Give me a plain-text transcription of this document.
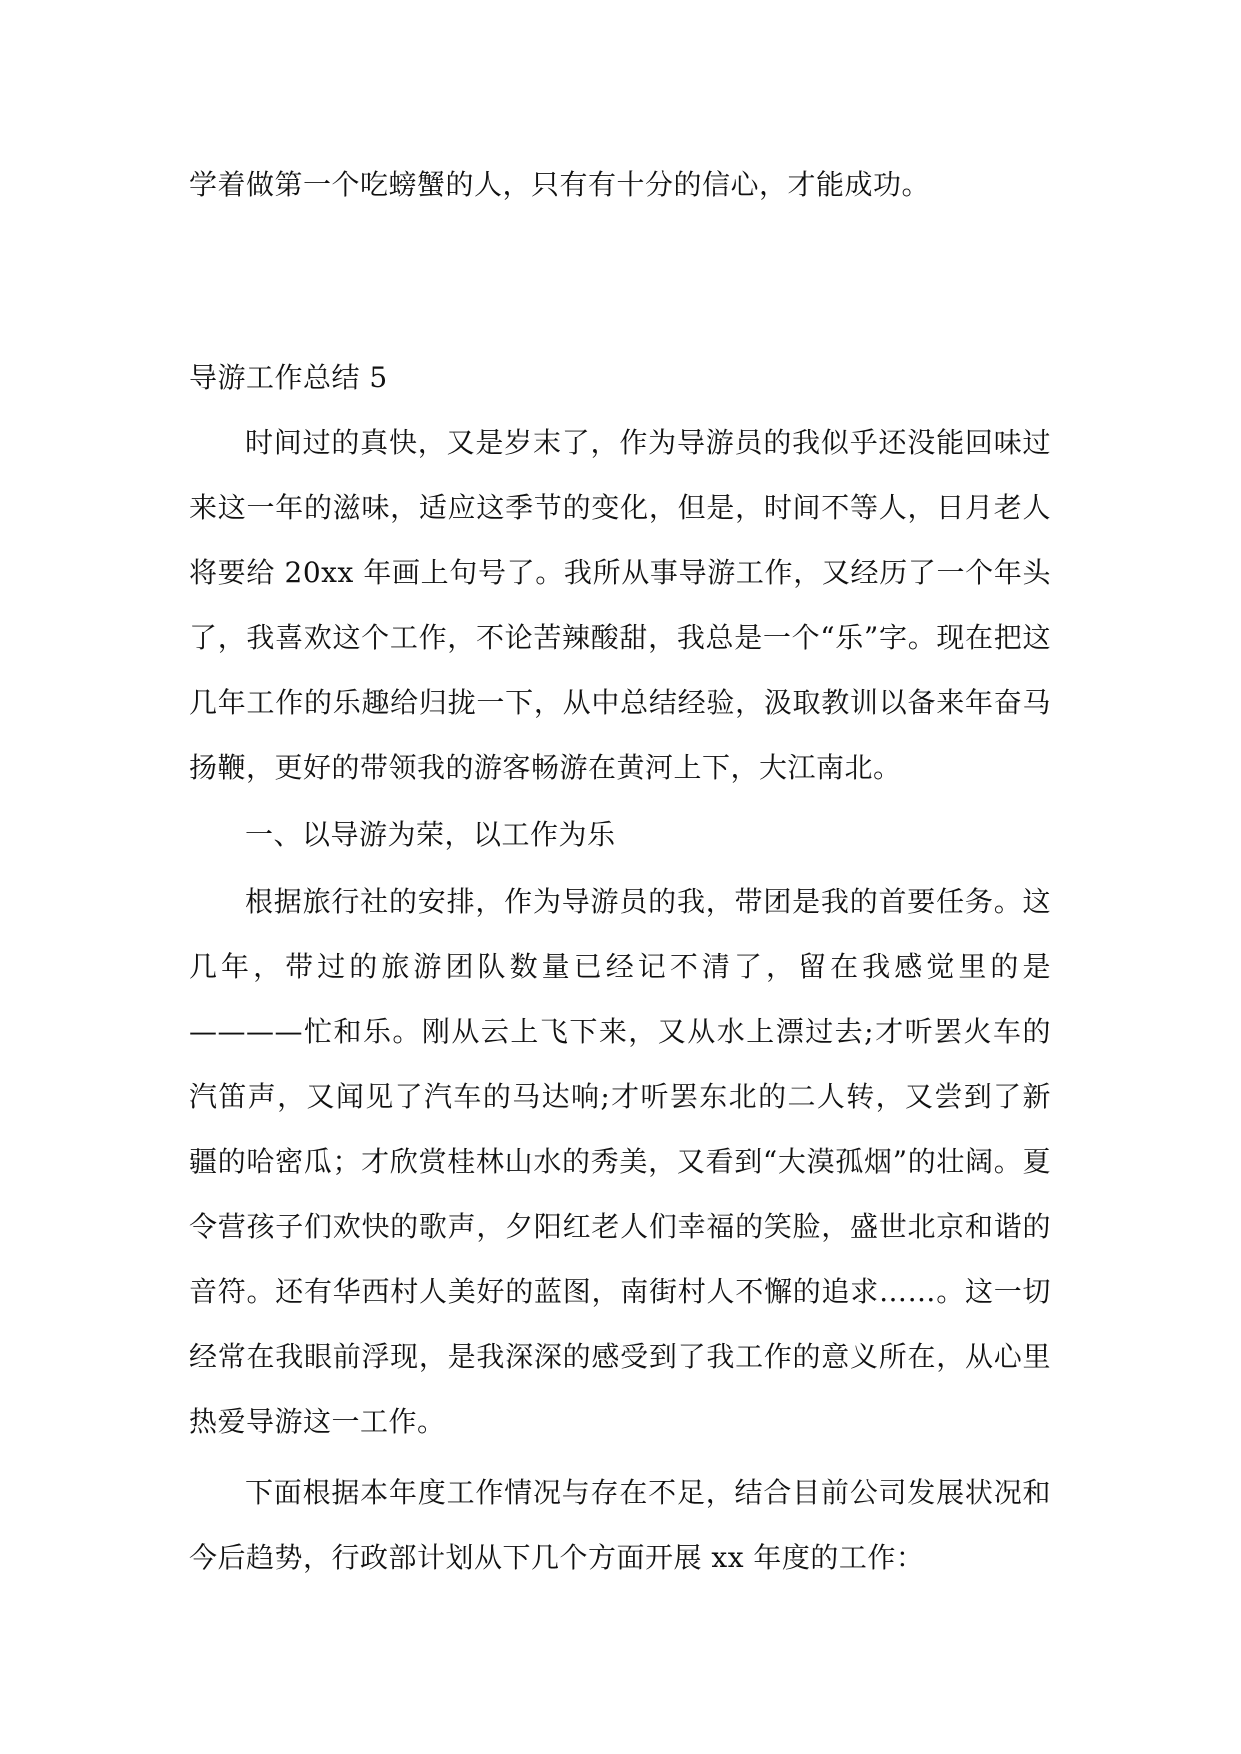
学着做第一个吃螃蟹的人，只有有十分的信心，才能成功。

导游工作总结 5

时间过的真快，又是岁末了，作为导游员的我似乎还没能回味过来这一年的滋味，适应这季节的变化，但是，时间不等人，日月老人将要给 20xx 年画上句号了。我所从事导游工作，又经历了一个年头了，我喜欢这个工作，不论苦辣酸甜，我总是一个“乐”字。现在把这几年工作的乐趣给归拢一下，从中总结经验，汲取教训以备来年奋马扬鞭，更好的带领我的游客畅游在黄河上下，大江南北。

一、以导游为荣，以工作为乐

根据旅行社的安排，作为导游员的我，带团是我的首要任务。这几年，带过的旅游团队数量已经记不清了，留在我感觉里的是————忙和乐。刚从云上飞下来，又从水上漂过去;才听罢火车的汽笛声，又闻见了汽车的马达响;才听罢东北的二人转，又尝到了新疆的哈密瓜；才欣赏桂林山水的秀美，又看到“大漠孤烟”的壮阔。夏令营孩子们欢快的歌声，夕阳红老人们幸福的笑脸，盛世北京和谐的音符。还有华西村人美好的蓝图，南街村人不懈的追求……。这一切经常在我眼前浮现，是我深深的感受到了我工作的意义所在，从心里热爱导游这一工作。

下面根据本年度工作情况与存在不足，结合目前公司发展状况和今后趋势，行政部计划从下几个方面开展 xx 年度的工作：
